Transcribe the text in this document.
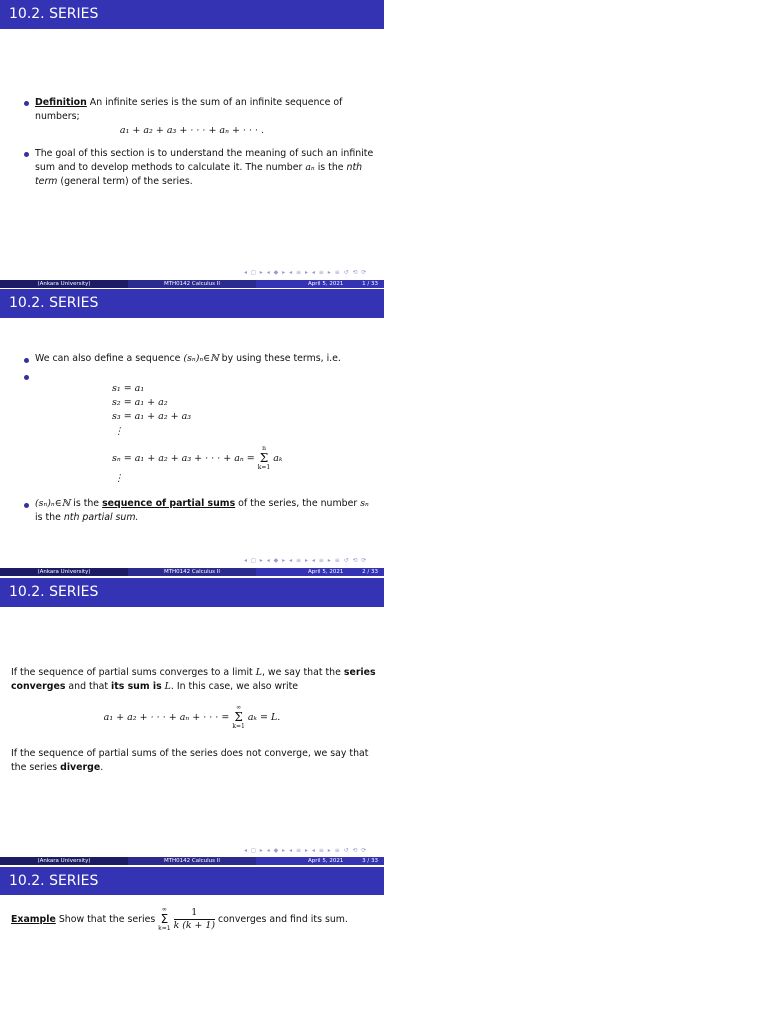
10.2. SERIES
Definition An infinite series is the sum of an infinite sequence of numbers;
a₁ + a₂ + a₃ + · · · + aₙ + · · · .
The goal of this section is to understand the meaning of such an infinite sum and to develop methods to calculate it. The number aₙ is the nth term (general term) of the series.
◂ ◻ ▸ ◂ ◆ ▸ ◂ ≡ ▸ ◂ ≡ ▸ ≡ ↺ ⟲ ⟳
(Ankara University)	MTH0142 Calculus II	April 5, 2021	1 / 33
10.2. SERIES
We can also define a sequence (sₙ)ₙ∈ℕ by using these terms, i.e.
s₁ = a₁
s₂ = a₁ + a₂
s₃ = a₁ + a₂ + a₃
⋮
sₙ = a₁ + a₂ + a₃ + · · · + aₙ =
n
Σ
k=1
aₖ
⋮
(sₙ)ₙ∈ℕ is the sequence of partial sums of the series, the number sₙ is the nth partial sum.
◂ ◻ ▸ ◂ ◆ ▸ ◂ ≡ ▸ ◂ ≡ ▸ ≡ ↺ ⟲ ⟳
(Ankara University)	MTH0142 Calculus II	April 5, 2021	2 / 33
10.2. SERIES
If the sequence of partial sums converges to a limit L, we say that the series converges and that its sum is L. In this case, we also write
a₁ + a₂ + · · · + aₙ + · · · =
∞
Σ
k=1
aₖ = L.
If the sequence of partial sums of the series does not converge, we say that the series diverge.
◂ ◻ ▸ ◂ ◆ ▸ ◂ ≡ ▸ ◂ ≡ ▸ ≡ ↺ ⟲ ⟳
(Ankara University)	MTH0142 Calculus II	April 5, 2021	3 / 33
10.2. SERIES
Example Show that the series
∞
Σ
k=1
$\frac{1}{k (k + 1)}$ converges and find its sum.
